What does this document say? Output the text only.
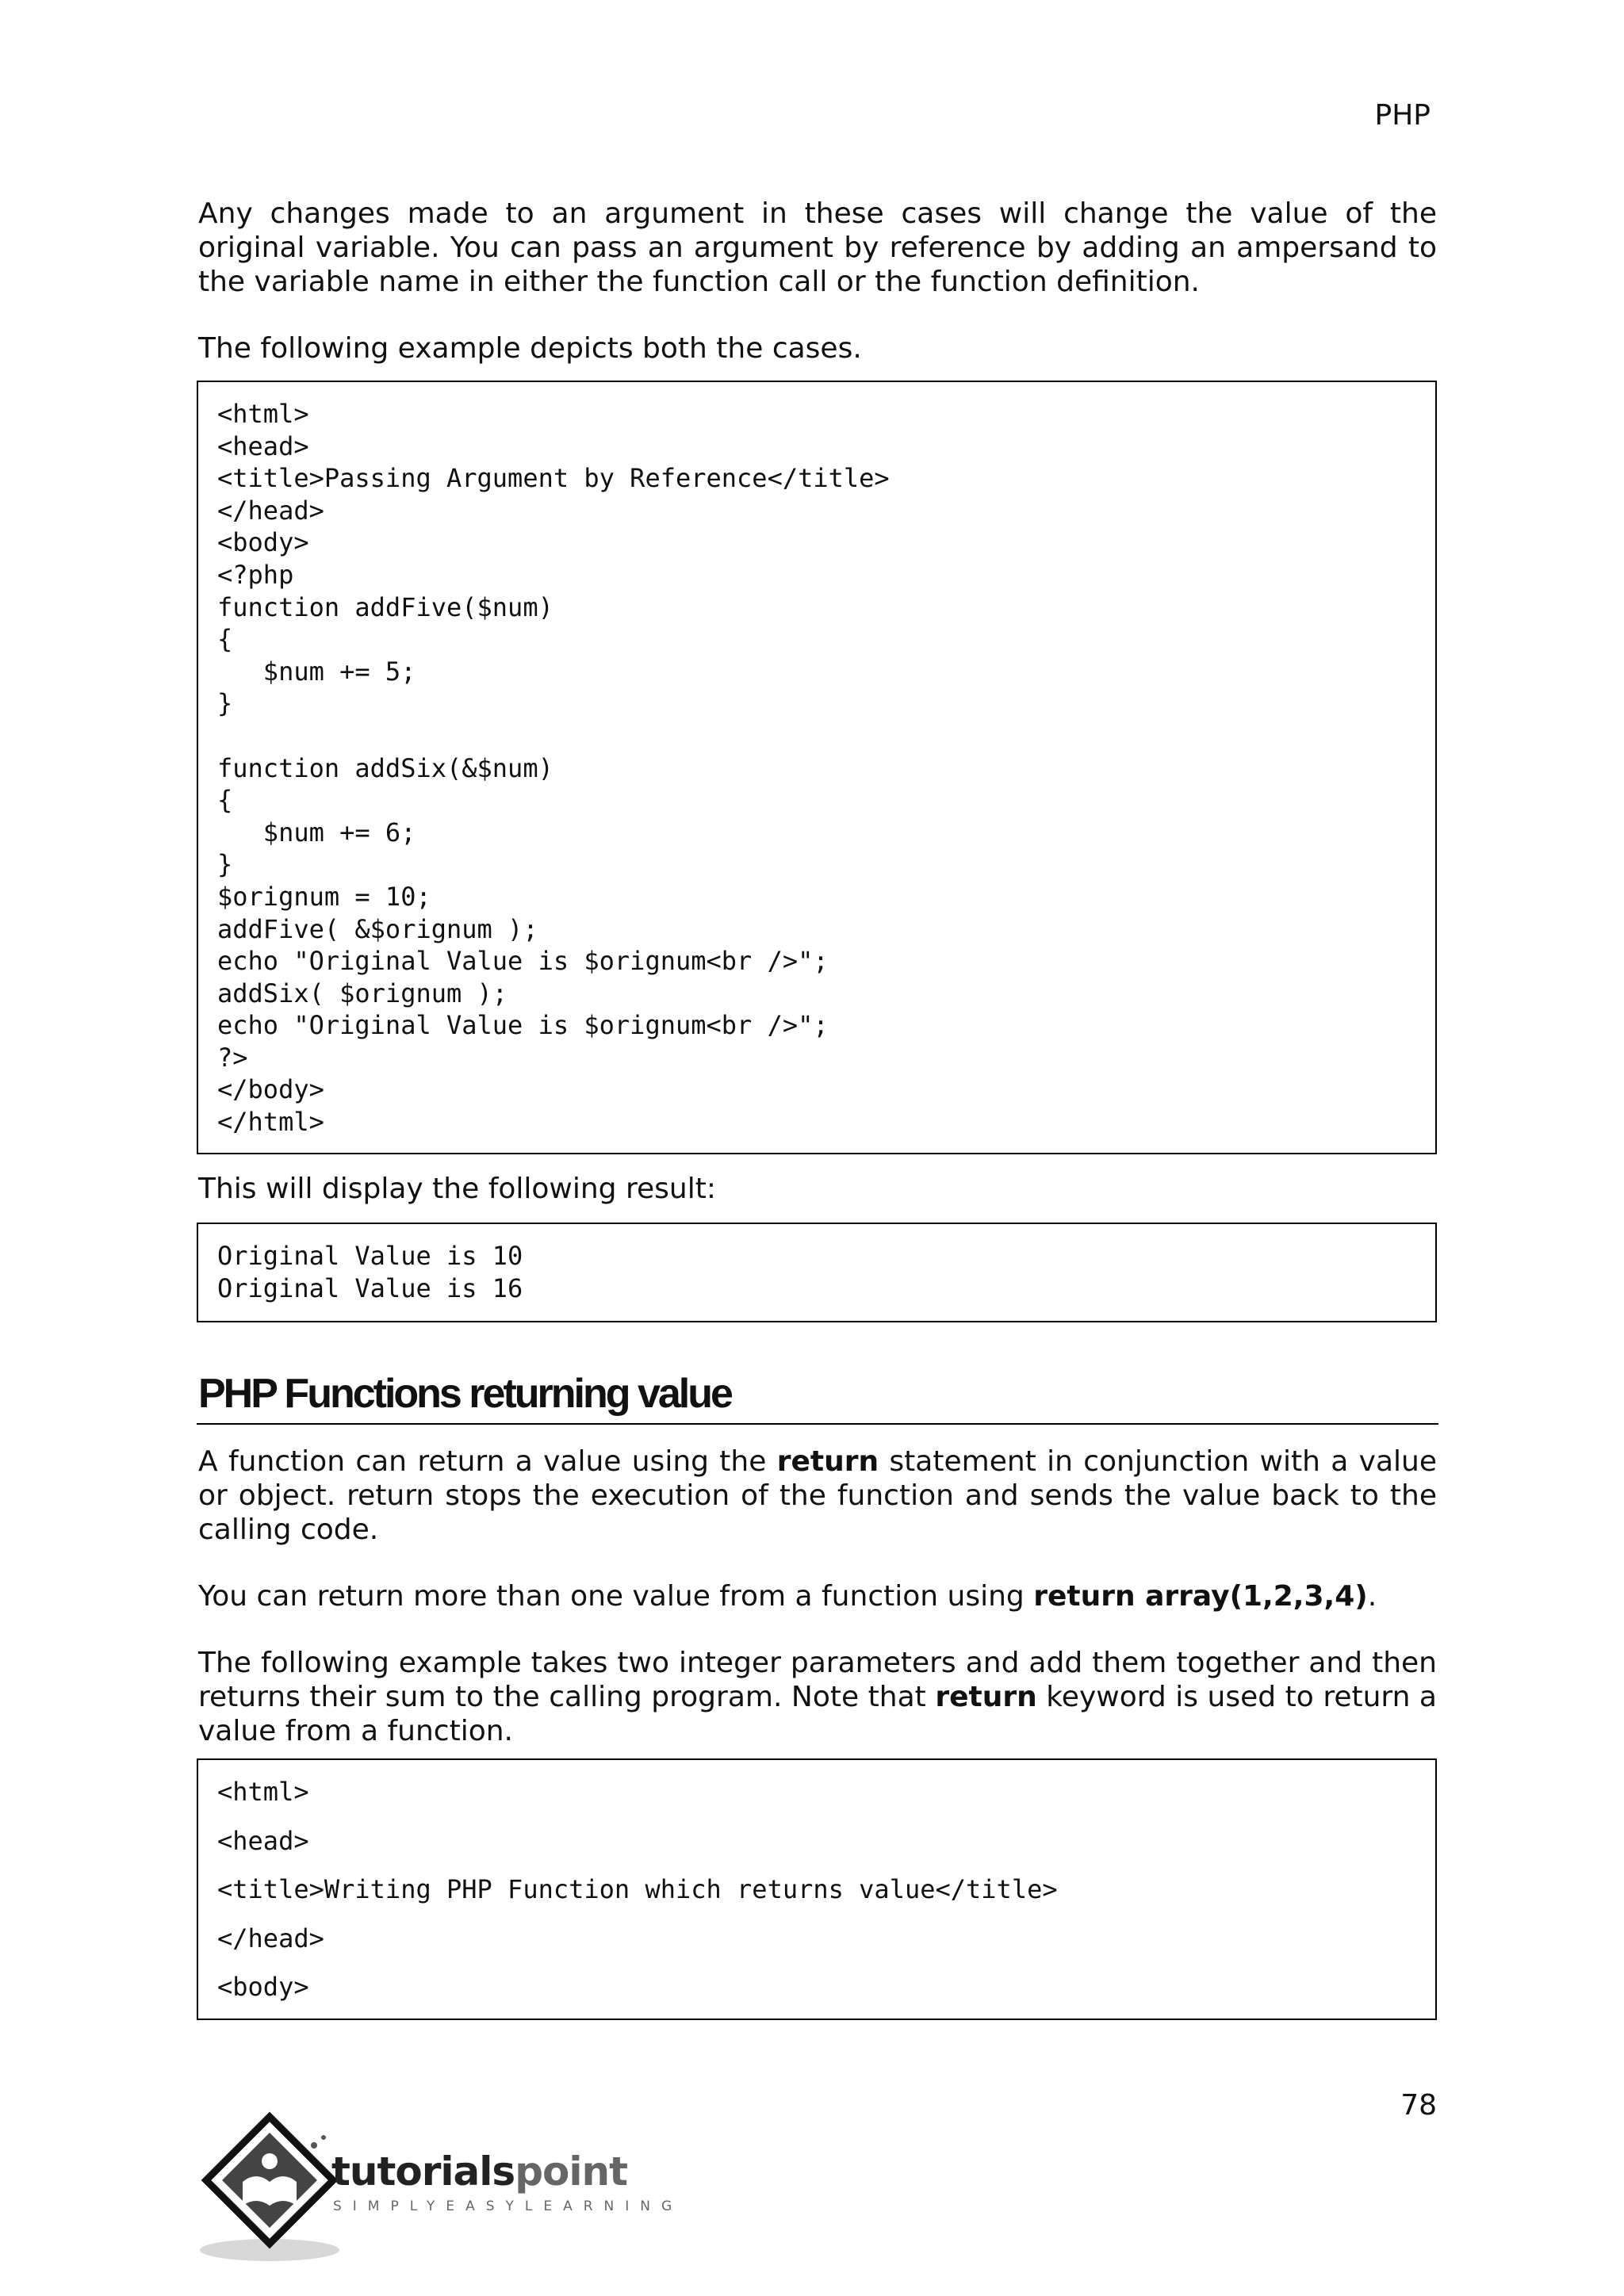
PHP

Any changes made to an argument in these cases will change the value of the original variable. You can pass an argument by reference by adding an ampersand to the variable name in either the function call or the function definition.

The following example depicts both the cases.

<html>
<head>
<title>Passing Argument by Reference</title>
</head>
<body>
<?php
function addFive($num)
{
$num += 5;
}
function addSix(&$num)
{
$num += 6;
}
$orignum = 10;
addFive( &$orignum );
echo "Original Value is $orignum<br />";
addSix( $orignum );
echo "Original Value is $orignum<br />";
?>
</body>
</html>

This will display the following result:

Original Value is 10
Original Value is 16
PHP Functions returning value

A function can return a value using the return statement in conjunction with a value or object. return stops the execution of the function and sends the value back to the calling code.

You can return more than one value from a function using return array(1,2,3,4).

The following example takes two integer parameters and add them together and then returns their sum to the calling program. Note that return keyword is used to return a value from a function.

<html>
<head>
<title>Writing PHP Function which returns value</title>
</head>
<body>
78
tutorialspoint
SIMPLYEASYLEARNING
